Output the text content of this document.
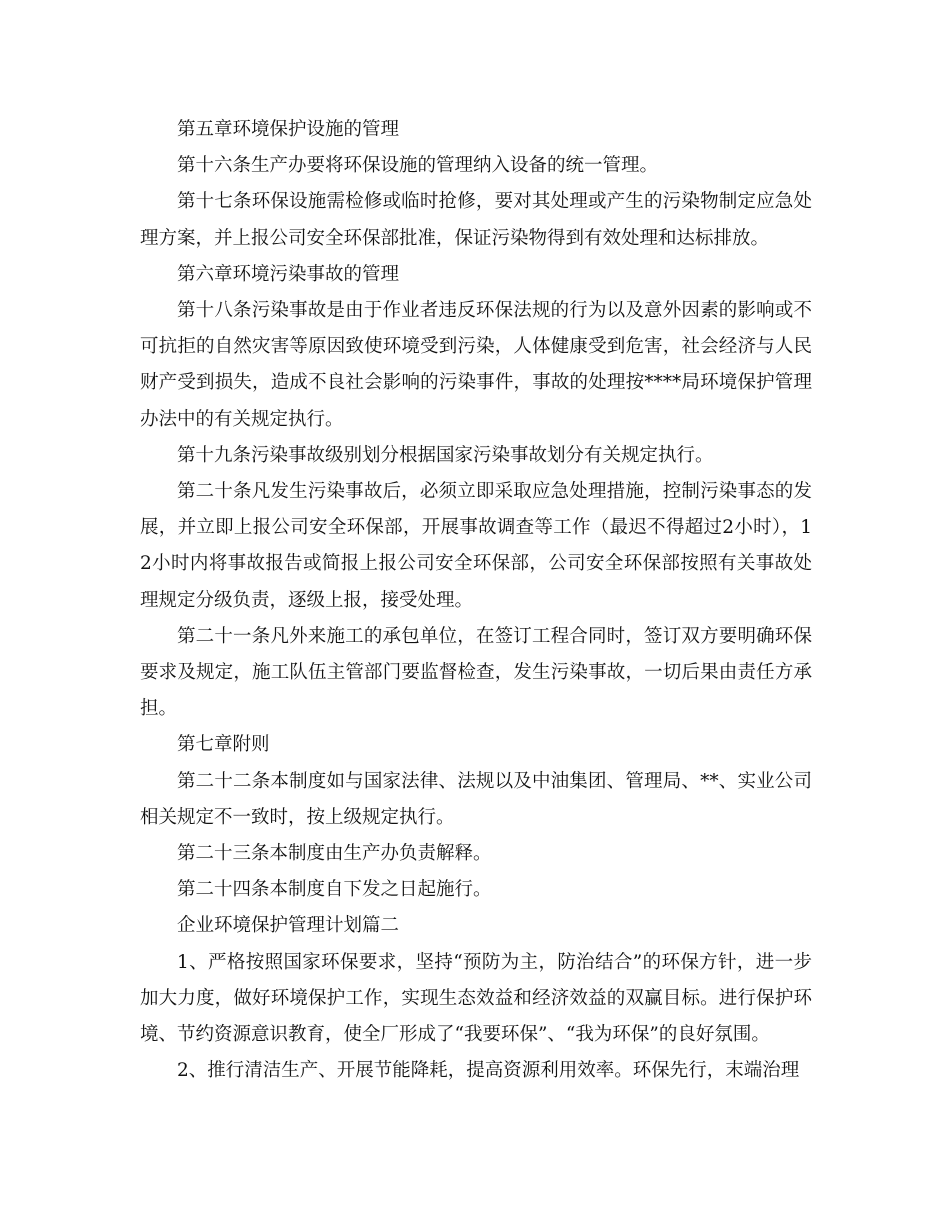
第五章环境保护设施的管理

第十六条生产办要将环保设施的管理纳入设备的统一管理。

第十七条环保设施需检修或临时抢修，要对其处理或产生的污染物制定应急处理方案，并上报公司安全环保部批准，保证污染物得到有效处理和达标排放。

第六章环境污染事故的管理

第十八条污染事故是由于作业者违反环保法规的行为以及意外因素的影响或不可抗拒的自然灾害等原因致使环境受到污染，人体健康受到危害，社会经济与人民财产受到损失，造成不良社会影响的污染事件，事故的处理按****局环境保护管理办法中的有关规定执行。

第十九条污染事故级别划分根据国家污染事故划分有关规定执行。

第二十条凡发生污染事故后，必须立即采取应急处理措施，控制污染事态的发展，并立即上报公司安全环保部，开展事故调查等工作（最迟不得超过2小时），12小时内将事故报告或简报上报公司安全环保部，公司安全环保部按照有关事故处理规定分级负责，逐级上报，接受处理。

第二十一条凡外来施工的承包单位，在签订工程合同时，签订双方要明确环保要求及规定，施工队伍主管部门要监督检查，发生污染事故，一切后果由责任方承担。

第七章附则

第二十二条本制度如与国家法律、法规以及中油集团、管理局、**、实业公司相关规定不一致时，按上级规定执行。

第二十三条本制度由生产办负责解释。

第二十四条本制度自下发之日起施行。

企业环境保护管理计划篇二

1、严格按照国家环保要求，坚持“预防为主，防治结合”的环保方针，进一步加大力度，做好环境保护工作，实现生态效益和经济效益的双赢目标。进行保护环境、节约资源意识教育，使全厂形成了“我要环保”、“我为环保”的良好氛围。

2、推行清洁生产、开展节能降耗，提高资源利用效率。环保先行，末端治理
